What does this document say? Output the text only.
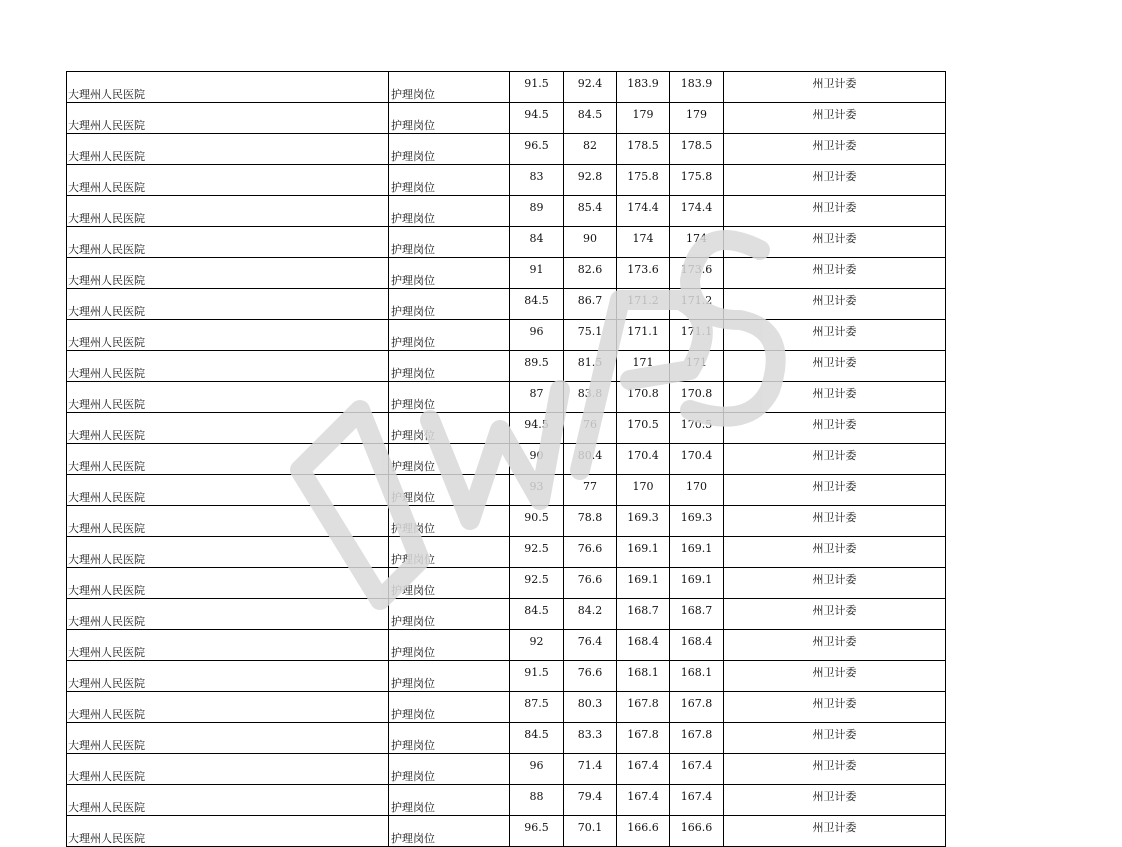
大理州人民医院	护理岗位	91.5	92.4	183.9	183.9	州卫计委
大理州人民医院	护理岗位	94.5	84.5	179	179	州卫计委
大理州人民医院	护理岗位	96.5	82	178.5	178.5	州卫计委
大理州人民医院	护理岗位	83	92.8	175.8	175.8	州卫计委
大理州人民医院	护理岗位	89	85.4	174.4	174.4	州卫计委
大理州人民医院	护理岗位	84	90	174	174	州卫计委
大理州人民医院	护理岗位	91	82.6	173.6	173.6	州卫计委
大理州人民医院	护理岗位	84.5	86.7	171.2	171.2	州卫计委
大理州人民医院	护理岗位	96	75.1	171.1	171.1	州卫计委
大理州人民医院	护理岗位	89.5	81.5	171	171	州卫计委
大理州人民医院	护理岗位	87	83.8	170.8	170.8	州卫计委
大理州人民医院	护理岗位	94.5	76	170.5	170.5	州卫计委
大理州人民医院	护理岗位	90	80.4	170.4	170.4	州卫计委
大理州人民医院	护理岗位	93	77	170	170	州卫计委
大理州人民医院	护理岗位	90.5	78.8	169.3	169.3	州卫计委
大理州人民医院	护理岗位	92.5	76.6	169.1	169.1	州卫计委
大理州人民医院	护理岗位	92.5	76.6	169.1	169.1	州卫计委
大理州人民医院	护理岗位	84.5	84.2	168.7	168.7	州卫计委
大理州人民医院	护理岗位	92	76.4	168.4	168.4	州卫计委
大理州人民医院	护理岗位	91.5	76.6	168.1	168.1	州卫计委
大理州人民医院	护理岗位	87.5	80.3	167.8	167.8	州卫计委
大理州人民医院	护理岗位	84.5	83.3	167.8	167.8	州卫计委
大理州人民医院	护理岗位	96	71.4	167.4	167.4	州卫计委
大理州人民医院	护理岗位	88	79.4	167.4	167.4	州卫计委
大理州人民医院	护理岗位	96.5	70.1	166.6	166.6	州卫计委
